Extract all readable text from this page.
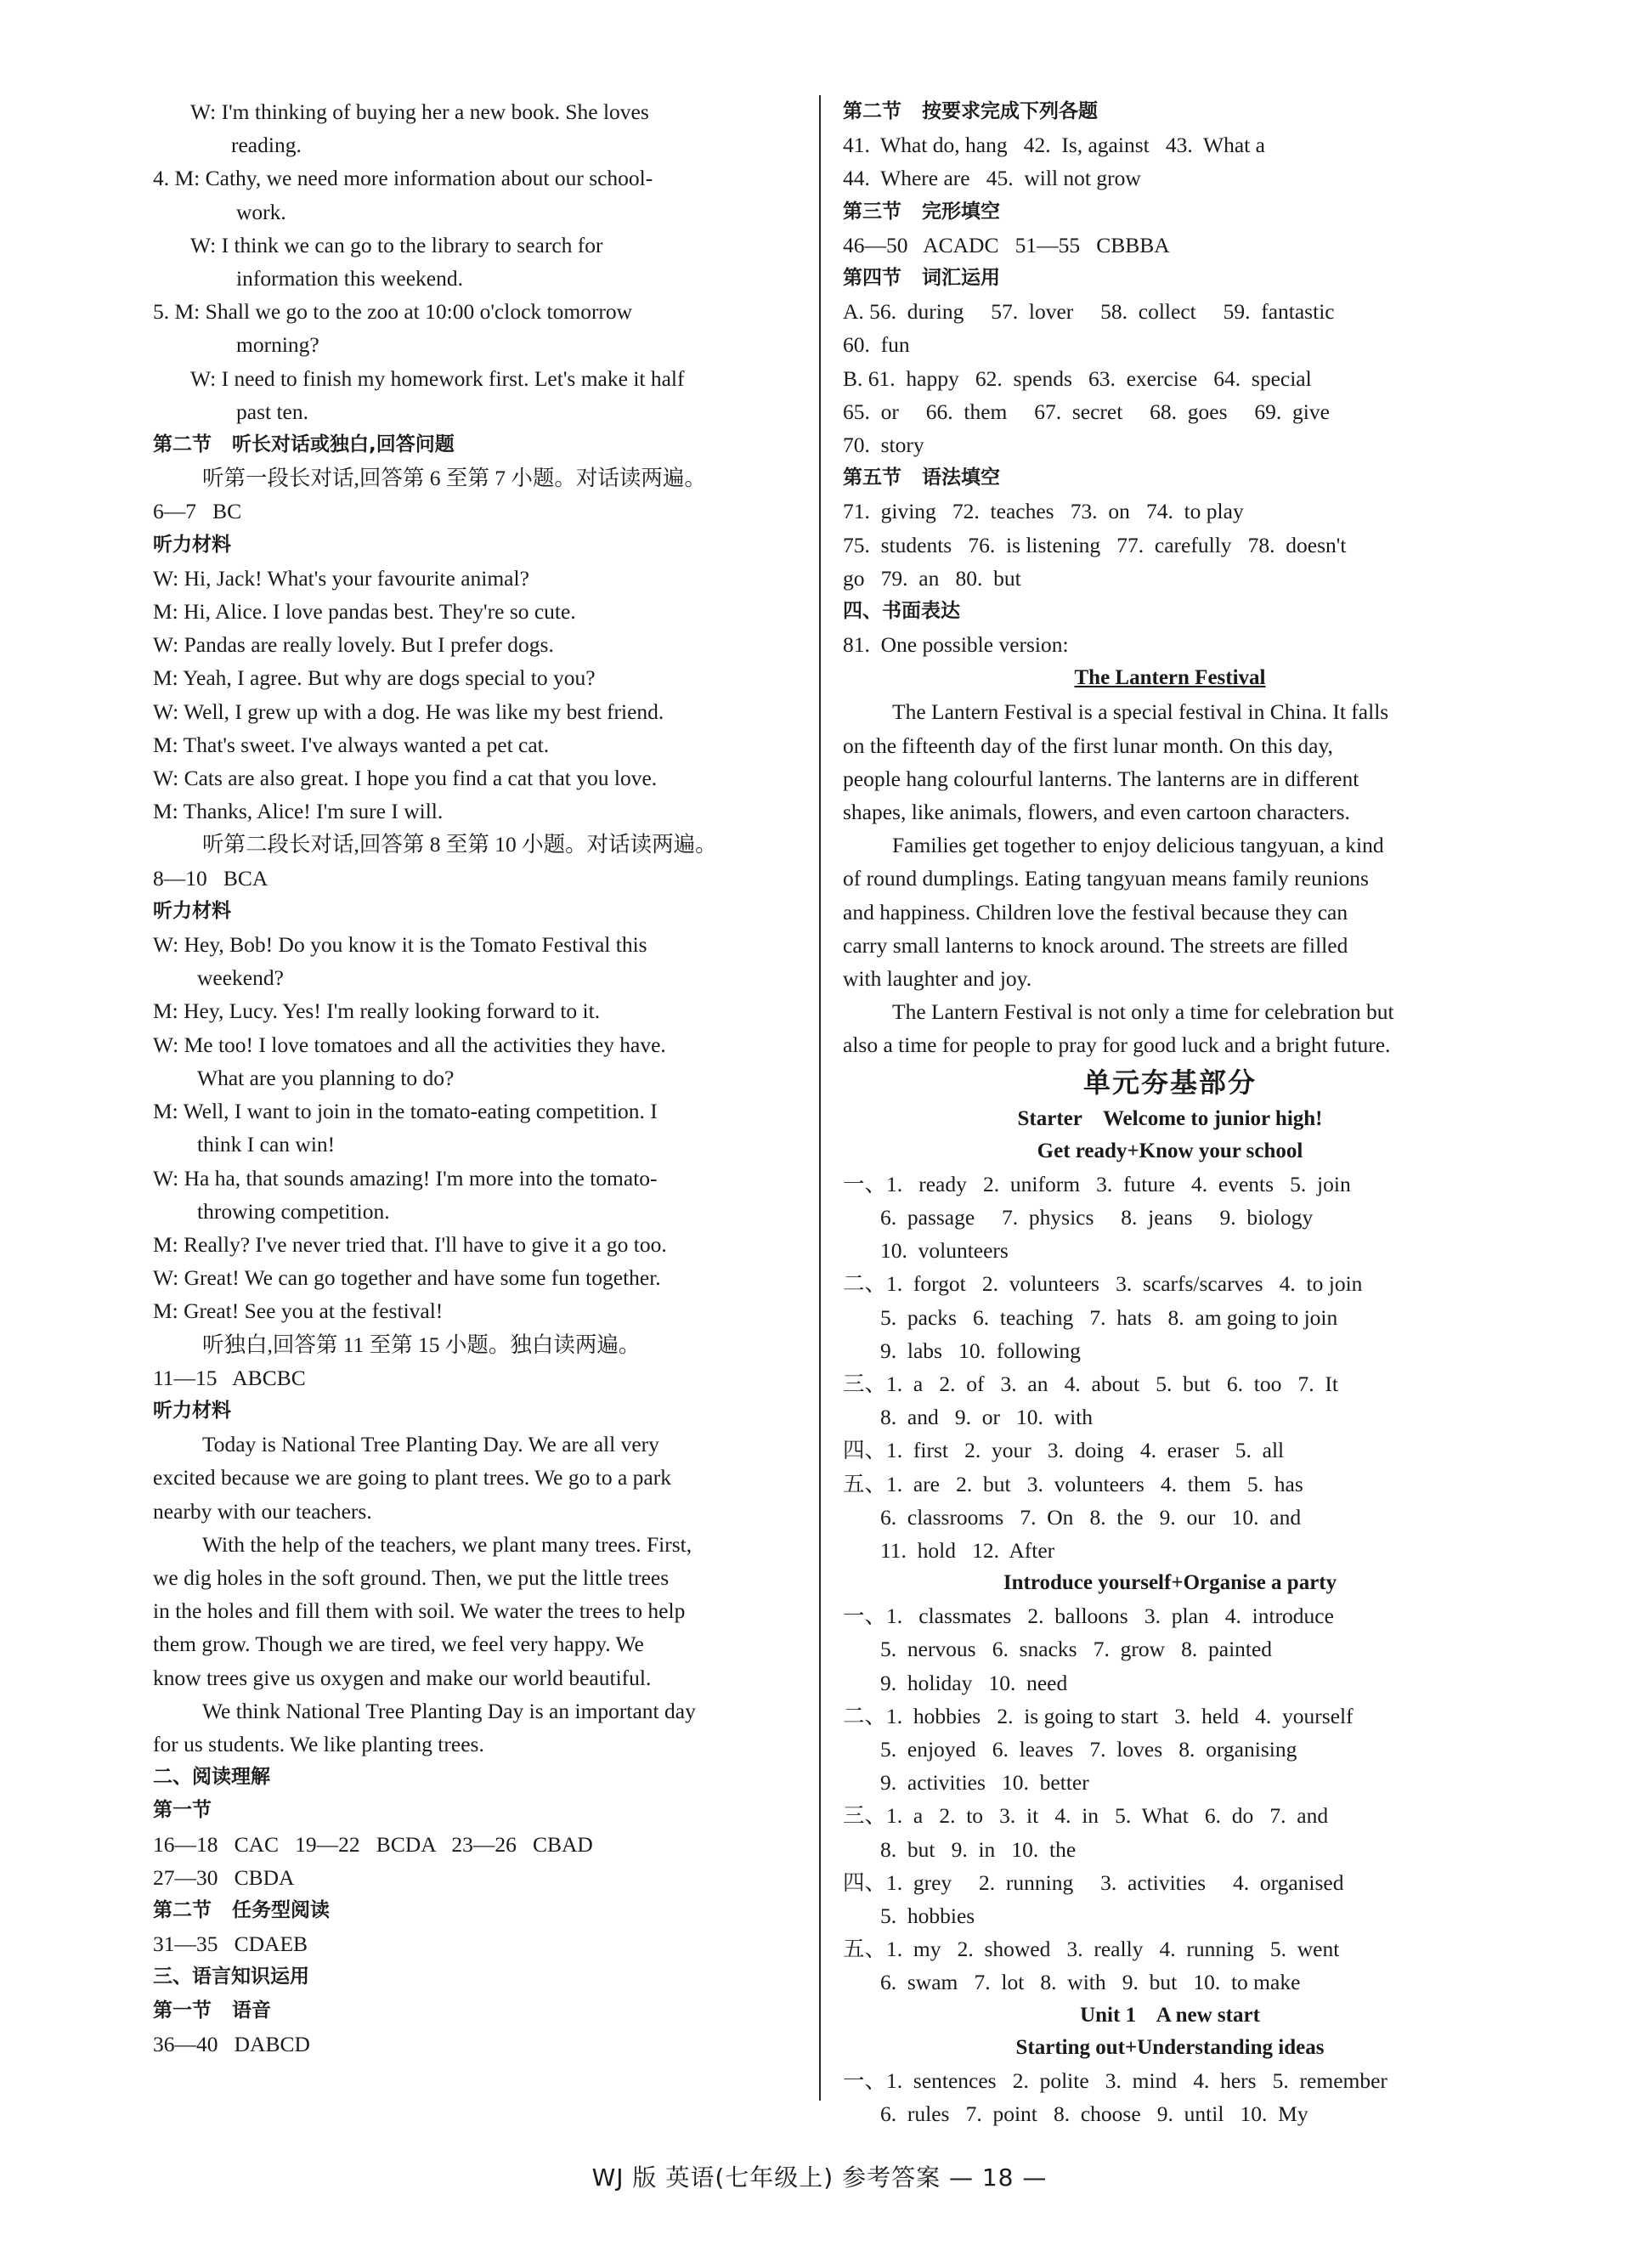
W: I'm thinking of buying her a new book. She loves
reading.
4. M: Cathy, we need more information about our school-
work.
W: I think we can go to the library to search for
information this weekend.
5. M: Shall we go to the zoo at 10:00 o'clock tomorrow
morning?
W: I need to finish my homework first. Let's make it half
past ten.
第二节   听长对话或独白,回答问题
听第一段长对话,回答第 6 至第 7 小题。对话读两遍。
6—7   BC
听力材料
W: Hi, Jack! What's your favourite animal?
M: Hi, Alice. I love pandas best. They're so cute.
W: Pandas are really lovely. But I prefer dogs.
M: Yeah, I agree. But why are dogs special to you?
W: Well, I grew up with a dog. He was like my best friend.
M: That's sweet. I've always wanted a pet cat.
W: Cats are also great. I hope you find a cat that you love.
M: Thanks, Alice! I'm sure I will.
听第二段长对话,回答第 8 至第 10 小题。对话读两遍。
8—10   BCA
听力材料
W: Hey, Bob! Do you know it is the Tomato Festival this
weekend?
M: Hey, Lucy. Yes! I'm really looking forward to it.
W: Me too! I love tomatoes and all the activities they have.
What are you planning to do?
M: Well, I want to join in the tomato-eating competition. I
think I can win!
W: Ha ha, that sounds amazing! I'm more into the tomato-
throwing competition.
M: Really? I've never tried that. I'll have to give it a go too.
W: Great! We can go together and have some fun together.
M: Great! See you at the festival!
听独白,回答第 11 至第 15 小题。独白读两遍。
11—15   ABCBC
听力材料
Today is National Tree Planting Day. We are all very
excited because we are going to plant trees. We go to a park
nearby with our teachers.
With the help of the teachers, we plant many trees. First,
we dig holes in the soft ground. Then, we put the little trees
in the holes and fill them with soil. We water the trees to help
them grow. Though we are tired, we feel very happy. We
know trees give us oxygen and make our world beautiful.
We think National Tree Planting Day is an important day
for us students. We like planting trees.
二、阅读理解
第一节
16—18   CAC   19—22   BCDA   23—26   CBAD
27—30   CBDA
第二节   任务型阅读
31—35   CDAEB
三、语言知识运用
第一节   语音
36—40   DABCD
第二节   按要求完成下列各题
41.  What do, hang   42.  Is, against   43.  What a
44.  Where are   45.  will not grow
第三节   完形填空
46—50   ACADC   51—55   CBBBA
第四节   词汇运用
A. 56.  during     57.  lover     58.  collect     59.  fantastic
60.  fun
B. 61.  happy   62.  spends   63.  exercise   64.  special
65.  or     66.  them     67.  secret     68.  goes     69.  give
70.  story
第五节   语法填空
71.  giving   72.  teaches   73.  on   74.  to play
75.  students   76.  is listening   77.  carefully   78.  doesn't
go   79.  an   80.  but
四、书面表达
81.  One possible version:
The Lantern Festival
The Lantern Festival is a special festival in China. It falls
on the fifteenth day of the first lunar month. On this day,
people hang colourful lanterns. The lanterns are in different
shapes, like animals, flowers, and even cartoon characters.
Families get together to enjoy delicious tangyuan, a kind
of round dumplings. Eating tangyuan means family reunions
and happiness. Children love the festival because they can
carry small lanterns to knock around. The streets are filled
with laughter and joy.
The Lantern Festival is not only a time for celebration but
also a time for people to pray for good luck and a bright future.
单元夯基部分
Starter    Welcome to junior high!
Get ready+Know your school
一、1.   ready   2.  uniform   3.  future   4.  events   5.  join
6.  passage     7.  physics     8.  jeans     9.  biology
10.  volunteers
二、1.  forgot   2.  volunteers   3.  scarfs/scarves   4.  to join
5.  packs   6.  teaching   7.  hats   8.  am going to join
9.  labs   10.  following
三、1.  a   2.  of   3.  an   4.  about   5.  but   6.  too   7.  It
8.  and   9.  or   10.  with
四、1.  first   2.  your   3.  doing   4.  eraser   5.  all
五、1.  are   2.  but   3.  volunteers   4.  them   5.  has
6.  classrooms   7.  On   8.  the   9.  our   10.  and
11.  hold   12.  After
Introduce yourself+Organise a party
一、1.   classmates   2.  balloons   3.  plan   4.  introduce
5.  nervous   6.  snacks   7.  grow   8.  painted
9.  holiday   10.  need
二、1.  hobbies   2.  is going to start   3.  held   4.  yourself
5.  enjoyed   6.  leaves   7.  loves   8.  organising
9.  activities   10.  better
三、1.  a   2.  to   3.  it   4.  in   5.  What   6.  do   7.  and
8.  but   9.  in   10.  the
四、1.  grey     2.  running     3.  activities     4.  organised
5.  hobbies
五、1.  my   2.  showed   3.  really   4.  running   5.  went
6.  swam   7.  lot   8.  with   9.  but   10.  to make
Unit 1    A new start
Starting out+Understanding ideas
一、1.  sentences   2.  polite   3.  mind   4.  hers   5.  remember
6.  rules   7.  point   8.  choose   9.  until   10.  My
WJ 版 英语(七年级上) 参考答案 — 18 —
